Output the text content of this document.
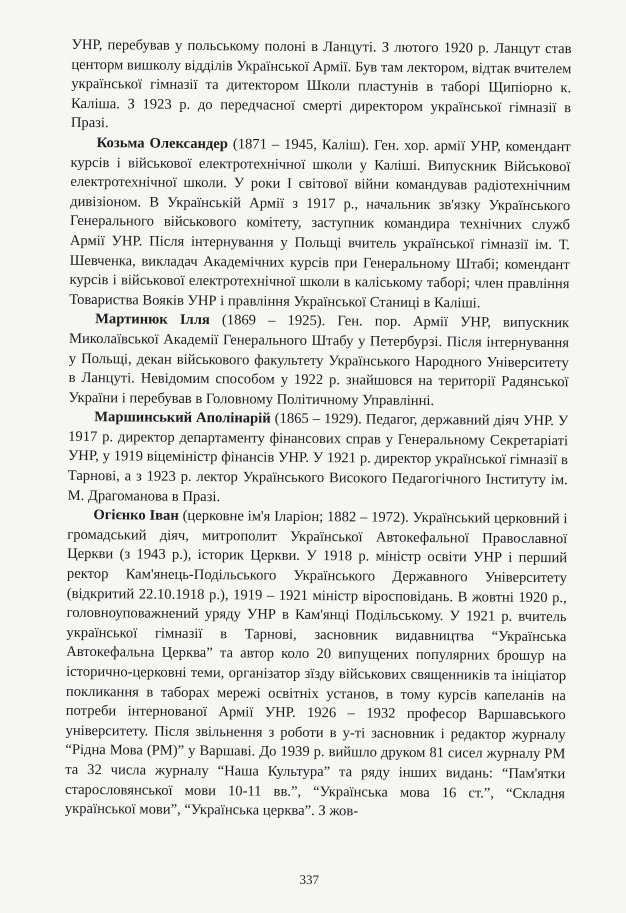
УНР, перебував у польському полоні в Ланцуті. З лютого 1920 р. Ланцут став центорм вишколу відділів Української Армії. Був там лектором, відтак вчителем української гімназії та дитектором Школи пластунів в таборі Щипіорно к. Каліша. З 1923 р. до передчасної смерті директором української гімназії в Празі.

Козьма Олександер (1871 – 1945, Каліш). Ген. хор. армії УНР, комендант курсів і військової електротехнічної школи у Каліші. Випускник Військової електротехнічної школи. У роки І світової війни командував радіотехнічним дивізіоном. В Українській Армії з 1917 р., начальник зв'язку Українського Генерального військового комітету, заступник командира технічних служб Армії УНР. Після інтернування у Польщі вчитель української гімназії ім. Т. Шевченка, викладач Академічних курсів при Генеральному Штабі; комендант курсів і військової електротехнічної школи в каліському таборі; член правління Товариства Вояків УНР і правління Української Станиці в Каліші.

Мартинюк Ілля (1869 – 1925). Ген. пор. Армії УНР, випускник Миколаївської Академії Генерального Штабу у Петербурзі. Після інтернування у Польщі, декан військового факультету Українського Народного Університету в Ланцуті. Невідомим способом у 1922 р. знайшовся на території Радянської України і перебував в Головному Політичному Управлінні.

Маршинський Аполінарій (1865 – 1929). Педагог, державний діяч УНР. У 1917 р. директор департаменту фінансових справ у Генеральному Секретаріаті УНР, у 1919 віцеміністр фінансів УНР. У 1921 р. директор української гімназії в Тарнові, а з 1923 р. лектор Українського Високого Педагогічного Інституту ім. М. Драгоманова в Празі.

Огієнко Іван (церковне ім'я Іларіон; 1882 – 1972). Український церковний і громадський діяч, митрополит Української Автокефальної Православної Церкви (з 1943 р.), історик Церкви. У 1918 р. міністр освіти УНР і перший ректор Кам'янець-Подільського Українського Державного Університету (відкритий 22.10.1918 р.), 1919 – 1921 міністр віросповідань. В жовтні 1920 р., головноуповажнений уряду УНР в Кам'янці Подільському. У 1921 р. вчитель української гімназії в Тарнові, засновник видавництва “Українська Автокефальна Церква” та автор коло 20 випущених популярних брошур на історично-церковні теми, організатор зїзду військових священників та ініціатор покликання в таборах мережі освітніх установ, в тому курсів капеланів на потреби інтернованої Армії УНР. 1926 – 1932 професор Варшавського університету. Після звільнення з роботи в у-ті засновник і редактор журналу “Рідна Мова (РМ)” у Варшаві. До 1939 р. вийшло друком 81 сисел журналу РМ та 32 числа журналу “Наша Культура” та ряду інших видань: “Пам'ятки старословянської мови 10-11 вв.”, “Українська мова 16 ст.”, “Складня української мови”, “Українська церква”. З жов-

337
